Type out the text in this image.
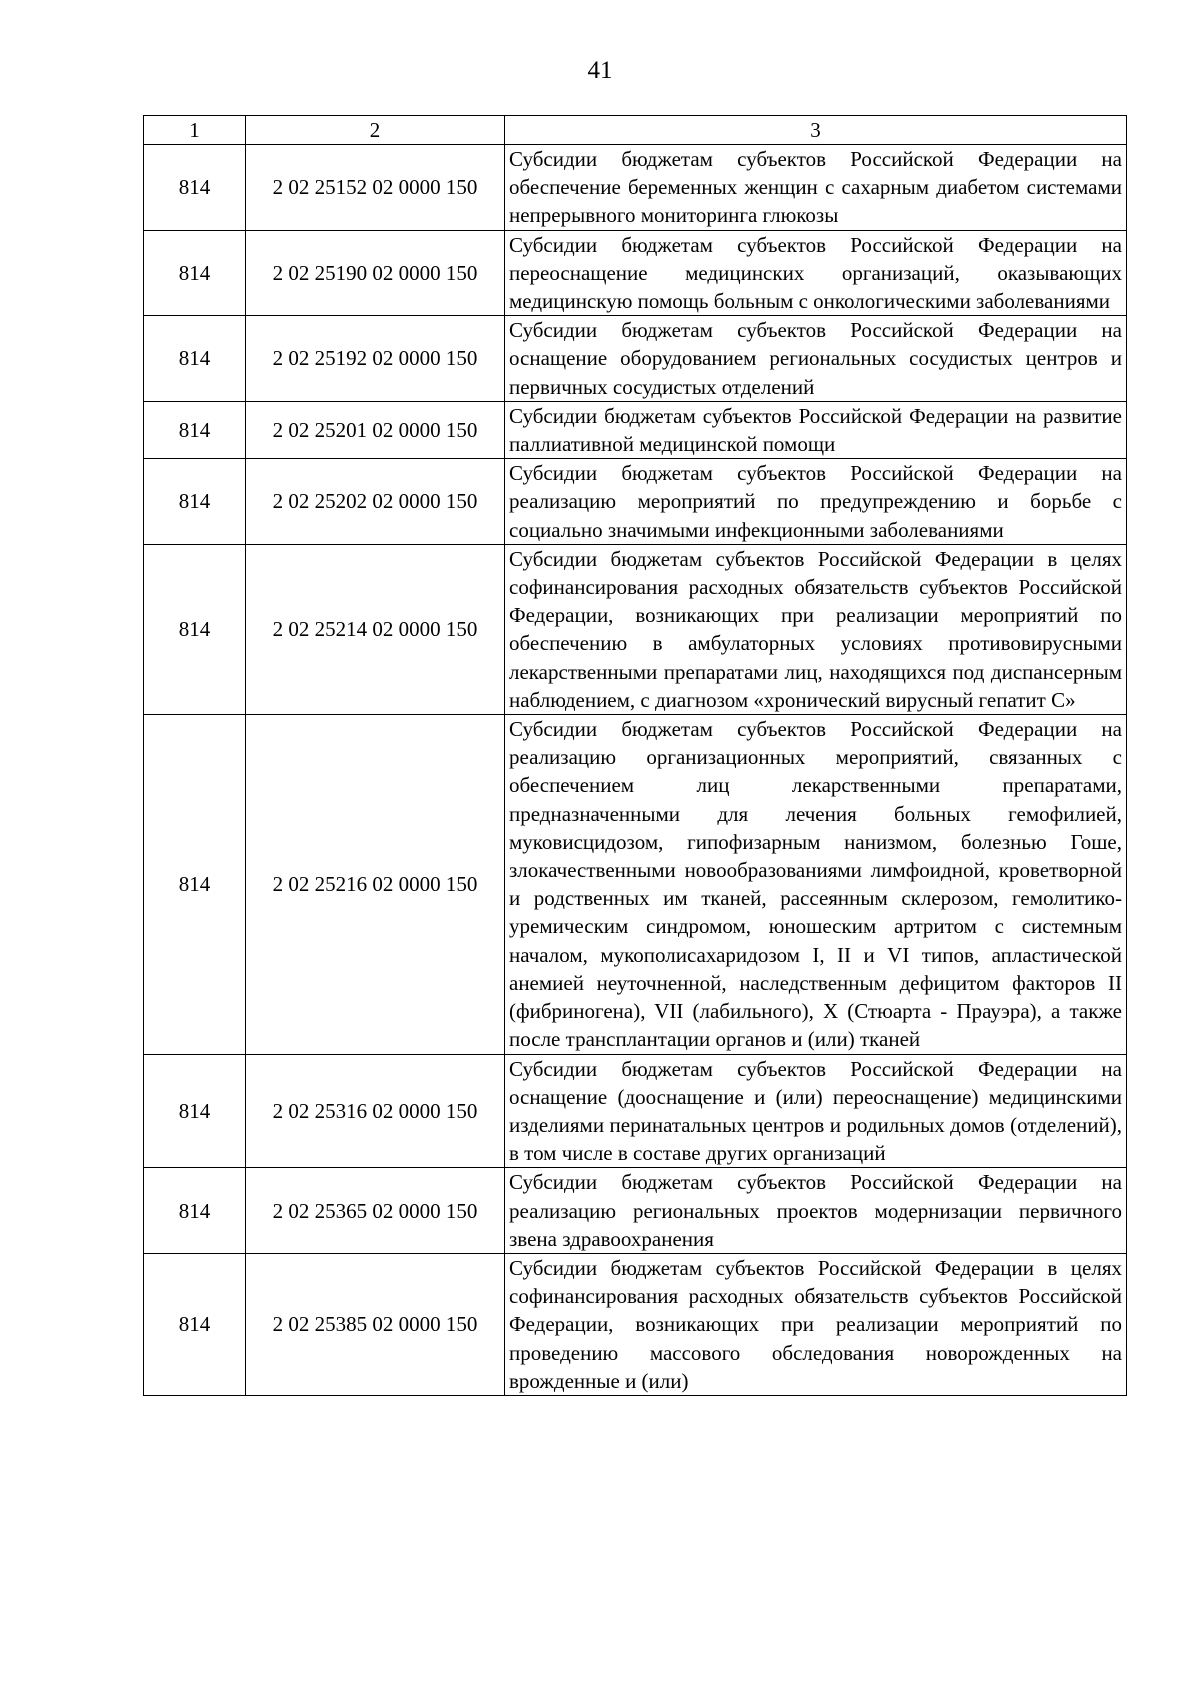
41
1	2	3
814	2 02 25152 02 0000 150	Субсидии бюджетам субъектов Российской Федерации на обеспечение беременных женщин с сахарным диабетом системами непрерывного мониторинга глюкозы
814	2 02 25190 02 0000 150	Субсидии бюджетам субъектов Российской Федерации на переоснащение медицинских организаций, оказывающих медицинскую помощь больным с онкологическими заболеваниями
814	2 02 25192 02 0000 150	Субсидии бюджетам субъектов Российской Федерации на оснащение оборудованием региональных сосудистых центров и первичных сосудистых отделений
814	2 02 25201 02 0000 150	Субсидии бюджетам субъектов Российской Федерации на развитие паллиативной медицинской помощи
814	2 02 25202 02 0000 150	Субсидии бюджетам субъектов Российской Федерации на реализацию мероприятий по предупреждению и борьбе с социально значимыми инфекционными заболеваниями
814	2 02 25214 02 0000 150	Субсидии бюджетам субъектов Российской Федерации в целях софинансирования расходных обязательств субъектов Российской Федерации, возникающих при реализации мероприятий по обеспечению в амбулаторных условиях противовирусными лекарственными препаратами лиц, находящихся под диспансерным наблюдением, с диагнозом «хронический вирусный гепатит С»
814	2 02 25216 02 0000 150	Субсидии бюджетам субъектов Российской Федерации на реализацию организационных мероприятий, связанных с обеспечением лиц лекарственными препаратами, предназначенными для лечения больных гемофилией, муковисцидозом, гипофизарным нанизмом, болезнью Гоше, злокачественными новообразованиями лимфоидной, кроветворной и родственных им тканей, рассеянным склерозом, гемолитико-уремическим синдромом, юношеским артритом с системным началом, мукополисахаридозом I, II и VI типов, апластической анемией неуточненной, наследственным дефицитом факторов II (фибриногена), VII (лабильного), X (Стюарта - Прауэра), а также после трансплантации органов и (или) тканей
814	2 02 25316 02 0000 150	Субсидии бюджетам субъектов Российской Федерации на оснащение (дооснащение и (или) переоснащение) медицинскими изделиями перинатальных центров и родильных домов (отделений), в том числе в составе других организаций
814	2 02 25365 02 0000 150	Субсидии бюджетам субъектов Российской Федерации на реализацию региональных проектов модернизации первичного звена здравоохранения
814	2 02 25385 02 0000 150	Субсидии бюджетам субъектов Российской Федерации в целях софинансирования расходных обязательств субъектов Российской Федерации, возникающих при реализации мероприятий по проведению массового обследования новорожденных на врожденные и (или)
